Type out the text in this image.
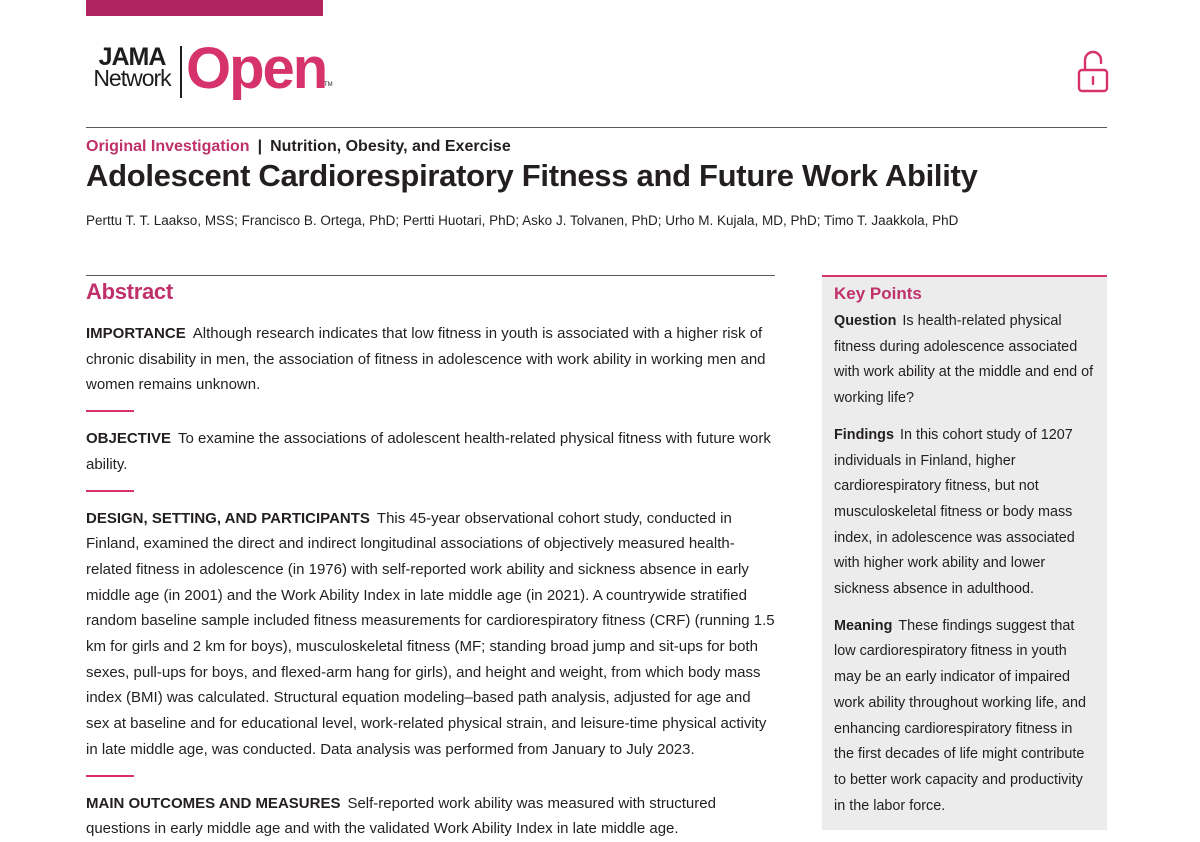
JAMA
Network Open
TM
Original Investigation | Nutrition, Obesity, and Exercise
Adolescent Cardiorespiratory Fitness and Future Work Ability
Perttu T. T. Laakso, MSS; Francisco B. Ortega, PhD; Pertti Huotari, PhD; Asko J. Tolvanen, PhD; Urho M. Kujala, MD, PhD; Timo T. Jaakkola, PhD
Abstract

IMPORTANCE Although research indicates that low fitness in youth is associated with a higher risk of chronic disability in men, the association of fitness in adolescence with work ability in working men and women remains unknown.

OBJECTIVE To examine the associations of adolescent health-related physical fitness with future work ability.

DESIGN, SETTING, AND PARTICIPANTS This 45-year observational cohort study, conducted in Finland, examined the direct and indirect longitudinal associations of objectively measured health-related fitness in adolescence (in 1976) with self-reported work ability and sickness absence in early middle age (in 2001) and the Work Ability Index in late middle age (in 2021). A countrywide stratified random baseline sample included fitness measurements for cardiorespiratory fitness (CRF) (running 1.5 km for girls and 2 km for boys), musculoskeletal fitness (MF; standing broad jump and sit-ups for both sexes, pull-ups for boys, and flexed-arm hang for girls), and height and weight, from which body mass index (BMI) was calculated. Structural equation modeling–based path analysis, adjusted for age and sex at baseline and for educational level, work-related physical strain, and leisure-time physical activity in late middle age, was conducted. Data analysis was performed from January to July 2023.

MAIN OUTCOMES AND MEASURES Self-reported work ability was measured with structured questions in early middle age and with the validated Work Ability Index in late middle age.

Key Points

Question Is health-related physical fitness during adolescence associated with work ability at the middle and end of working life?

Findings In this cohort study of 1207 individuals in Finland, higher cardiorespiratory fitness, but not musculoskeletal fitness or body mass index, in adolescence was associated with higher work ability and lower sickness absence in adulthood.

Meaning These findings suggest that low cardiorespiratory fitness in youth may be an early indicator of impaired work ability throughout working life, and enhancing cardiorespiratory fitness in the first decades of life might contribute to better work capacity and productivity in the labor force.
